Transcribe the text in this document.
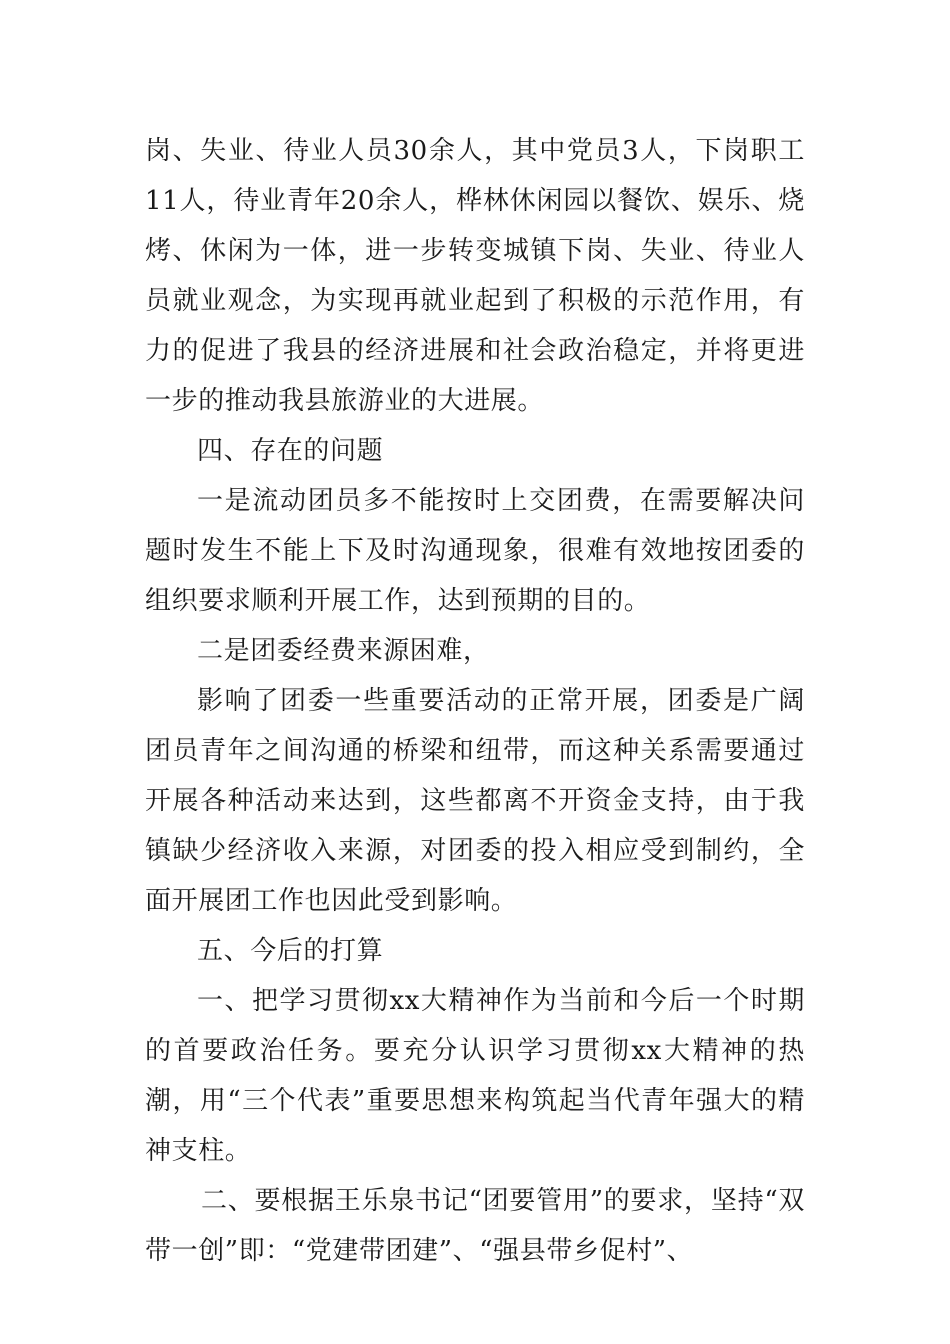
岗、失业、待业人员30余人，其中党员3人，下岗职工11人，待业青年20余人，桦林休闲园以餐饮、娱乐、烧烤、休闲为一体，进一步转变城镇下岗、失业、待业人员就业观念，为实现再就业起到了积极的示范作用，有力的促进了我县的经济进展和社会政治稳定，并将更进一步的推动我县旅游业的大进展。

四、存在的问题

一是流动团员多不能按时上交团费，在需要解决问题时发生不能上下及时沟通现象，很难有效地按团委的组织要求顺利开展工作，达到预期的目的。

二是团委经费来源困难，

影响了团委一些重要活动的正常开展，团委是广阔团员青年之间沟通的桥梁和纽带，而这种关系需要通过开展各种活动来达到，这些都离不开资金支持，由于我镇缺少经济收入来源，对团委的投入相应受到制约，全面开展团工作也因此受到影响。

五、今后的打算

一、把学习贯彻xx大精神作为当前和今后一个时期的首要政治任务。要充分认识学习贯彻xx大精神的热潮，用“三个代表”重要思想来构筑起当代青年强大的精神支柱。

二、要根据王乐泉书记“团要管用”的要求，坚持“双带一创”即：“党建带团建”、“强县带乡促村”、
